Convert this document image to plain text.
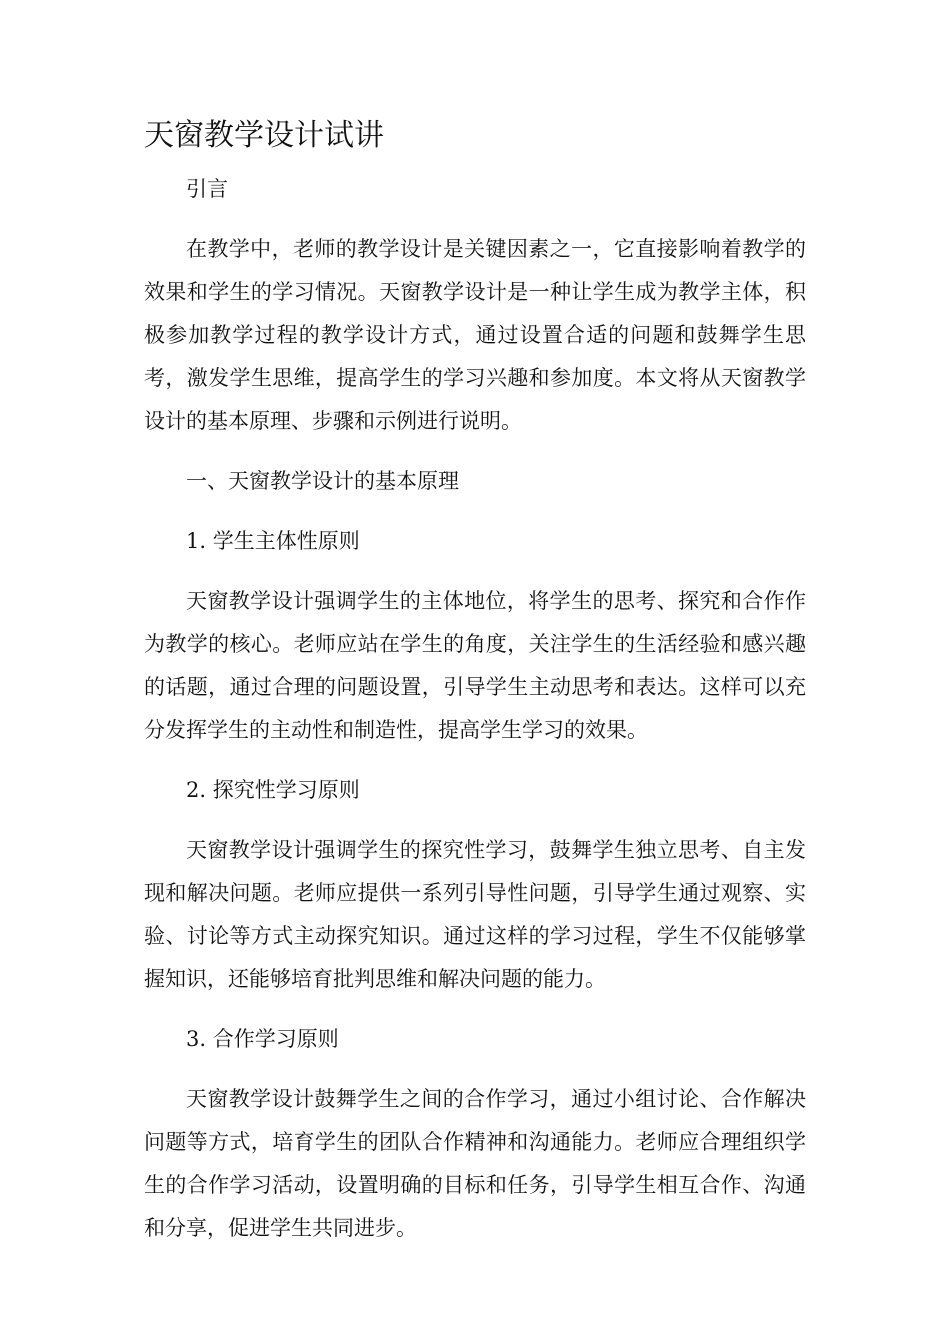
天窗教学设计试讲

引言

在教学中，老师的教学设计是关键因素之一，它直接影响着教学的效果和学生的学习情况。天窗教学设计是一种让学生成为教学主体，积极参加教学过程的教学设计方式，通过设置合适的问题和鼓舞学生思考，激发学生思维，提高学生的学习兴趣和参加度。本文将从天窗教学设计的基本原理、步骤和示例进行说明。

一、天窗教学设计的基本原理

1. 学生主体性原则

天窗教学设计强调学生的主体地位，将学生的思考、探究和合作作为教学的核心。老师应站在学生的角度，关注学生的生活经验和感兴趣的话题，通过合理的问题设置，引导学生主动思考和表达。这样可以充分发挥学生的主动性和制造性，提高学生学习的效果。

2. 探究性学习原则

天窗教学设计强调学生的探究性学习，鼓舞学生独立思考、自主发现和解决问题。老师应提供一系列引导性问题，引导学生通过观察、实验、讨论等方式主动探究知识。通过这样的学习过程，学生不仅能够掌握知识，还能够培育批判思维和解决问题的能力。

3. 合作学习原则

天窗教学设计鼓舞学生之间的合作学习，通过小组讨论、合作解决问题等方式，培育学生的团队合作精神和沟通能力。老师应合理组织学生的合作学习活动，设置明确的目标和任务，引导学生相互合作、沟通和分享，促进学生共同进步。
